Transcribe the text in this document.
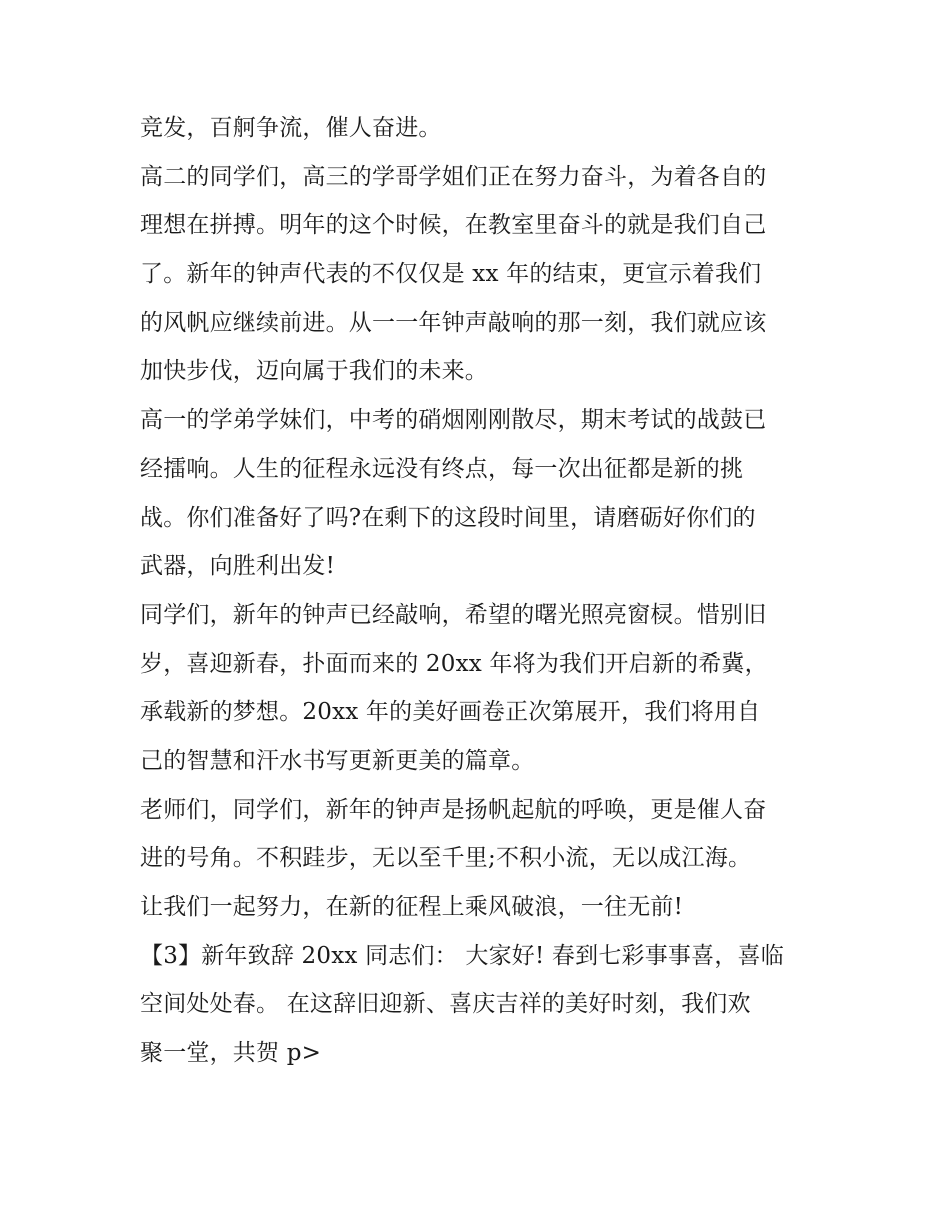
竞发，百舸争流，催人奋进。
高二的同学们，高三的学哥学姐们正在努力奋斗，为着各自的
理想在拼搏。明年的这个时候，在教室里奋斗的就是我们自己
了。新年的钟声代表的不仅仅是 xx 年的结束，更宣示着我们
的风帆应继续前进。从一一年钟声敲响的那一刻，我们就应该
加快步伐，迈向属于我们的未来。
高一的学弟学妹们，中考的硝烟刚刚散尽，期末考试的战鼓已
经擂响。人生的征程永远没有终点，每一次出征都是新的挑
战。你们准备好了吗?在剩下的这段时间里，请磨砺好你们的
武器，向胜利出发!
同学们，新年的钟声已经敲响，希望的曙光照亮窗棂。惜别旧
岁，喜迎新春，扑面而来的 20xx 年将为我们开启新的希冀，
承载新的梦想。20xx 年的美好画卷正次第展开，我们将用自
己的智慧和汗水书写更新更美的篇章。
老师们，同学们，新年的钟声是扬帆起航的呼唤，更是催人奋
进的号角。不积跬步，无以至千里;不积小流，无以成江海。
让我们一起努力，在新的征程上乘风破浪，一往无前!
【3】新年致辞 20xx 同志们： 大家好! 春到七彩事事喜，喜临
空间处处春。 在这辞旧迎新、喜庆吉祥的美好时刻，我们欢
聚一堂，共贺 p>
